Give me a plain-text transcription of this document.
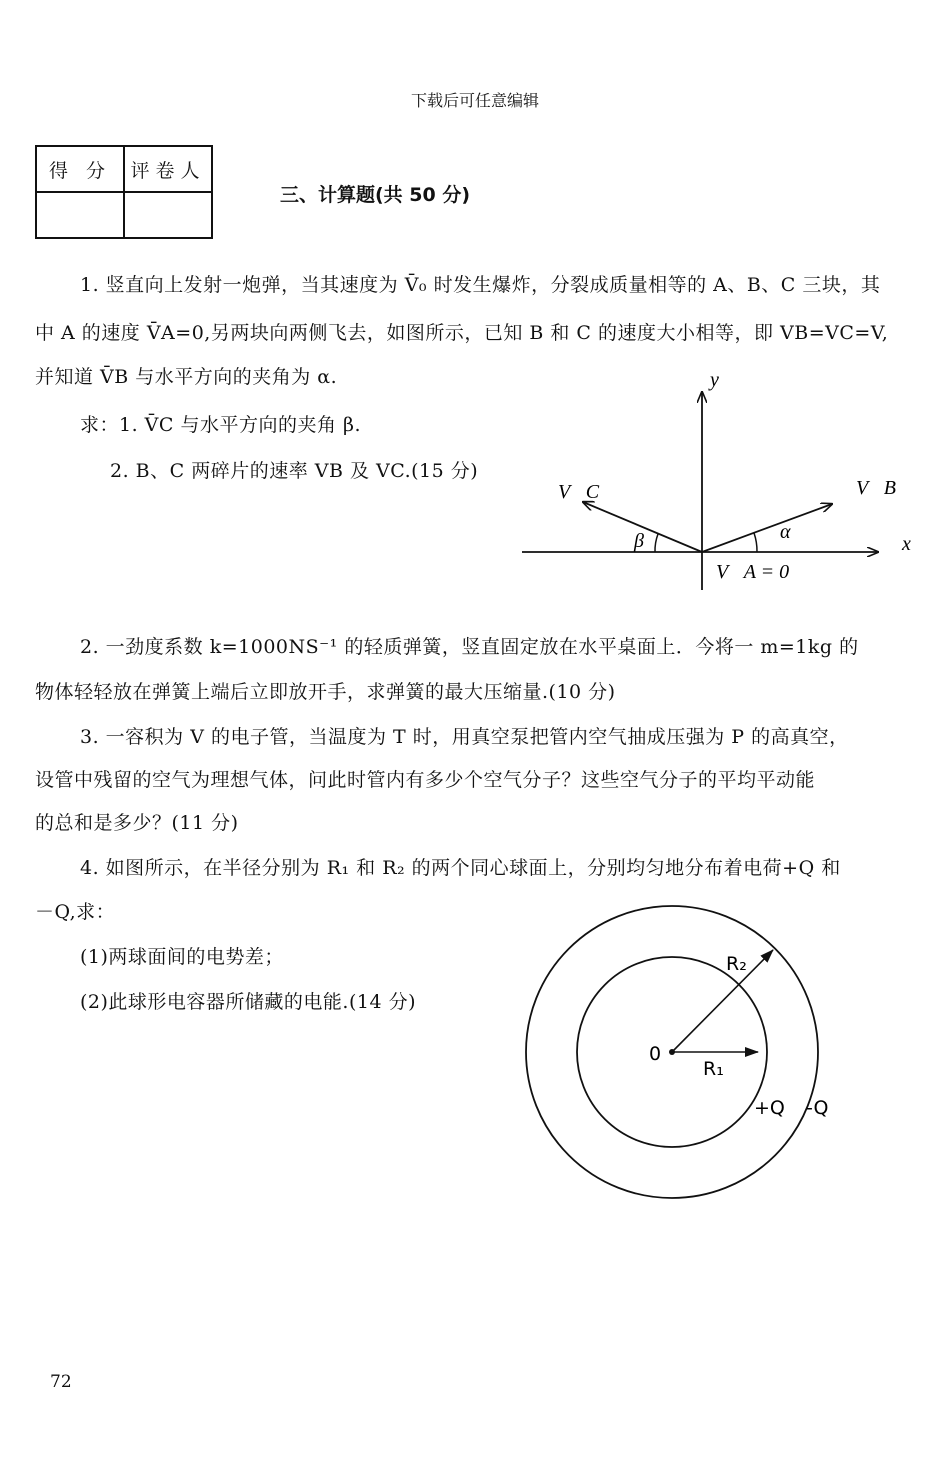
下载后可任意编辑
得 分	评卷人

三、计算题(共 50 分)
1. 竖直向上发射一炮弹，当其速度为 V̄₀ 时发生爆炸，分裂成质量相等的 A、B、C 三块，其
中 A 的速度 V̄A=0,另两块向两侧飞去，如图所示，已知 B 和 C 的速度大小相等，即 VB=VC=V,
并知道 V̄B 与水平方向的夹角为 α.
求：1. V̄C 与水平方向的夹角 β.
2. B、C 两碎片的速率 VB 及 VC.(15 分)
y
x
V⃗C	V⃗B
β	α
V⃗A = 0
R₂
R₁
0
+Q -Q
2. 一劲度系数 k=1000NS⁻¹ 的轻质弹簧，竖直固定放在水平桌面上．今将一 m=1kg 的
物体轻轻放在弹簧上端后立即放开手，求弹簧的最大压缩量.(10 分)
3. 一容积为 V 的电子管，当温度为 T 时，用真空泵把管内空气抽成压强为 P 的高真空，
设管中残留的空气为理想气体，问此时管内有多少个空气分子？这些空气分子的平均平动能
的总和是多少？(11 分)
4. 如图所示，在半径分别为 R₁ 和 R₂ 的两个同心球面上，分别均匀地分布着电荷+Q 和
－Q,求：
(1)两球面间的电势差；
(2)此球形电容器所储藏的电能.(14 分)
72
